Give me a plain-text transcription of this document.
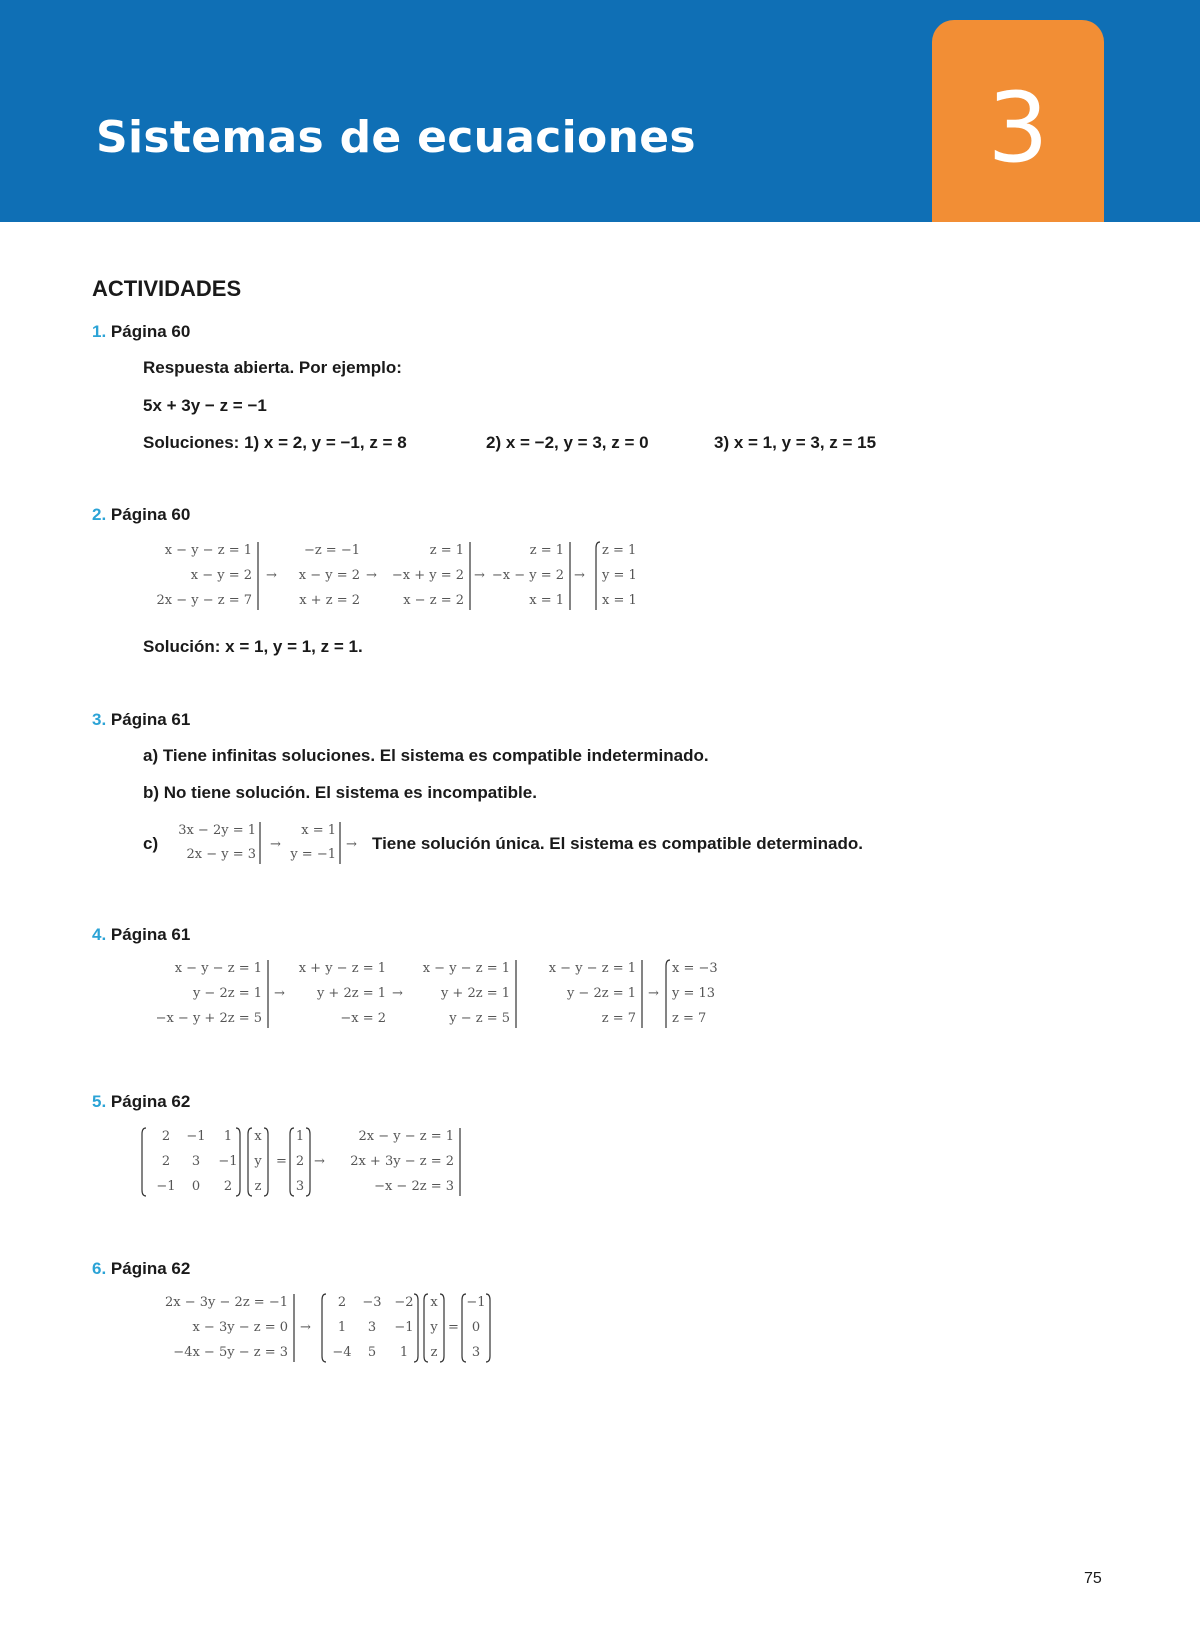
Sistemas de ecuaciones	3
ACTIVIDADES
1. Página 60
Respuesta abierta. Por ejemplo:
5x + 3y − z = −1
Soluciones: 1) x = 2, y = −1, z = 8	2) x = −2, y = 3, z = 0	3) x = 1, y = 3, z = 15
2. Página 60
x − y − z = 1
x − y = 2
2x − y − z = 7
→
−z = −1
x − y = 2
x + z = 2
→
z = 1
−x + y = 2
x − z = 2
→
z = 1
−x − y = 2
x = 1
→
z = 1
y = 1
x = 1
Solución: x = 1, y = 1, z = 1.
3. Página 61
a) Tiene infinitas soluciones. El sistema es compatible indeterminado.
b) No tiene solución. El sistema es incompatible.
c)
3x − 2y = 1
2x − y = 3
→
x = 1
y = −1
→ Tiene solución única. El sistema es compatible determinado.
4. Página 61
x − y − z = 1
y − 2z = 1
−x − y + 2z = 5
→
x + y − z = 1
y + 2z = 1
−x = 2
→
x − y − z = 1
y + 2z = 1
y − z = 5
x − y − z = 1
y − 2z = 1
z = 7
→
x = −3
y = 13
z = 7
5. Página 62
2 −1 1
2 3 −1
−1 0 2
x
y
z
=
1
2
3
→
2x − y − z = 1
2x + 3y − z = 2
−x − 2z = 3
6. Página 62
2x − 3y − 2z = −1
x − 3y − z = 0
−4x − 5y − z = 3
→
2 −3 −2
1 3 −1
−4 5 1
x
y
z
=
−1
0
3
75
